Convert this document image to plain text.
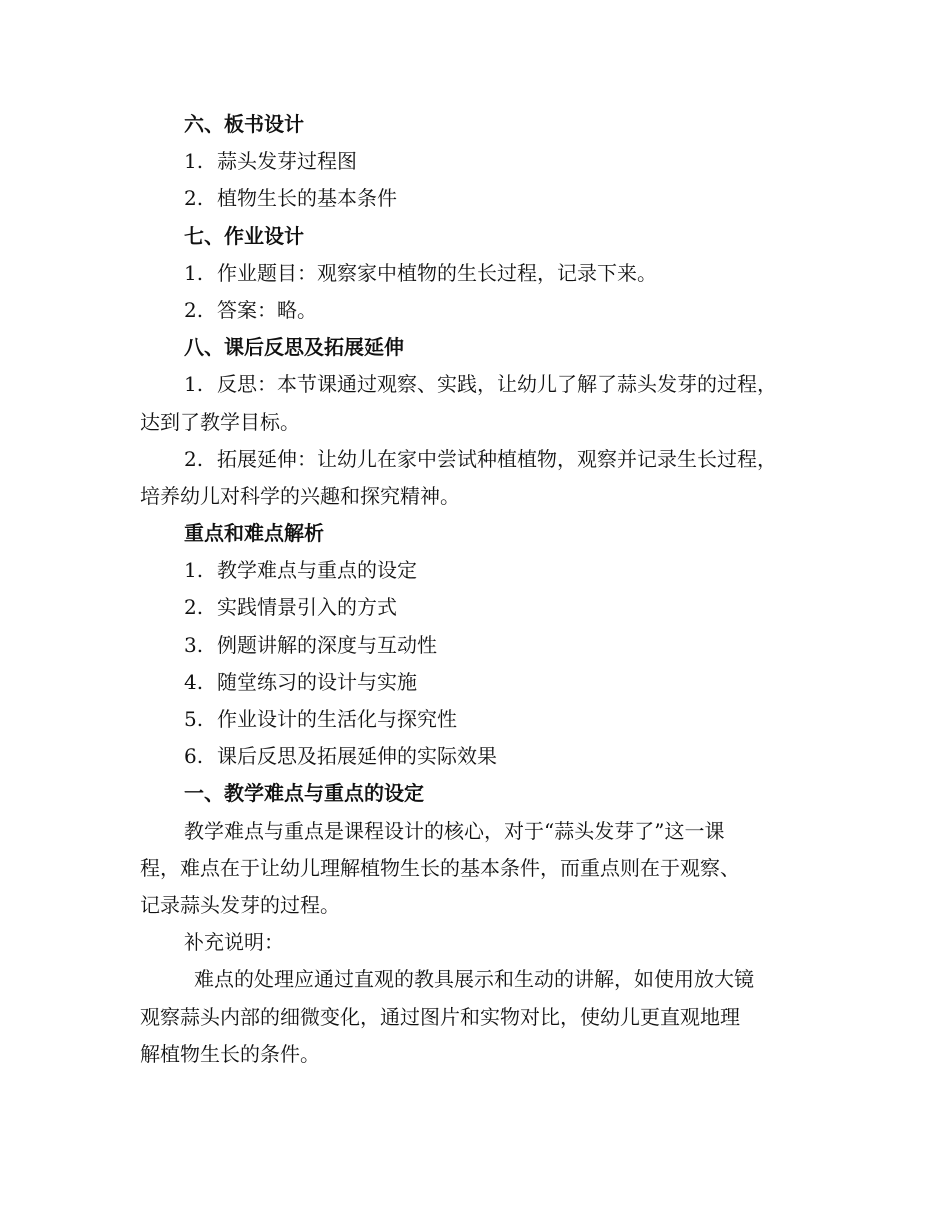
六、板书设计
1. 蒜头发芽过程图
2. 植物生长的基本条件
七、作业设计
1. 作业题目：观察家中植物的生长过程，记录下来。
2. 答案：略。
八、课后反思及拓展延伸
1. 反思：本节课通过观察、实践，让幼儿了解了蒜头发芽的过程，
达到了教学目标。
2. 拓展延伸：让幼儿在家中尝试种植植物，观察并记录生长过程，
培养幼儿对科学的兴趣和探究精神。
重点和难点解析
1. 教学难点与重点的设定
2. 实践情景引入的方式
3. 例题讲解的深度与互动性
4. 随堂练习的设计与实施
5. 作业设计的生活化与探究性
6. 课后反思及拓展延伸的实际效果
一、教学难点与重点的设定
教学难点与重点是课程设计的核心，对于“蒜头发芽了”这一课
程，难点在于让幼儿理解植物生长的基本条件，而重点则在于观察、
记录蒜头发芽的过程。
补充说明：
难点的处理应通过直观的教具展示和生动的讲解，如使用放大镜
观察蒜头内部的细微变化，通过图片和实物对比，使幼儿更直观地理
解植物生长的条件。
